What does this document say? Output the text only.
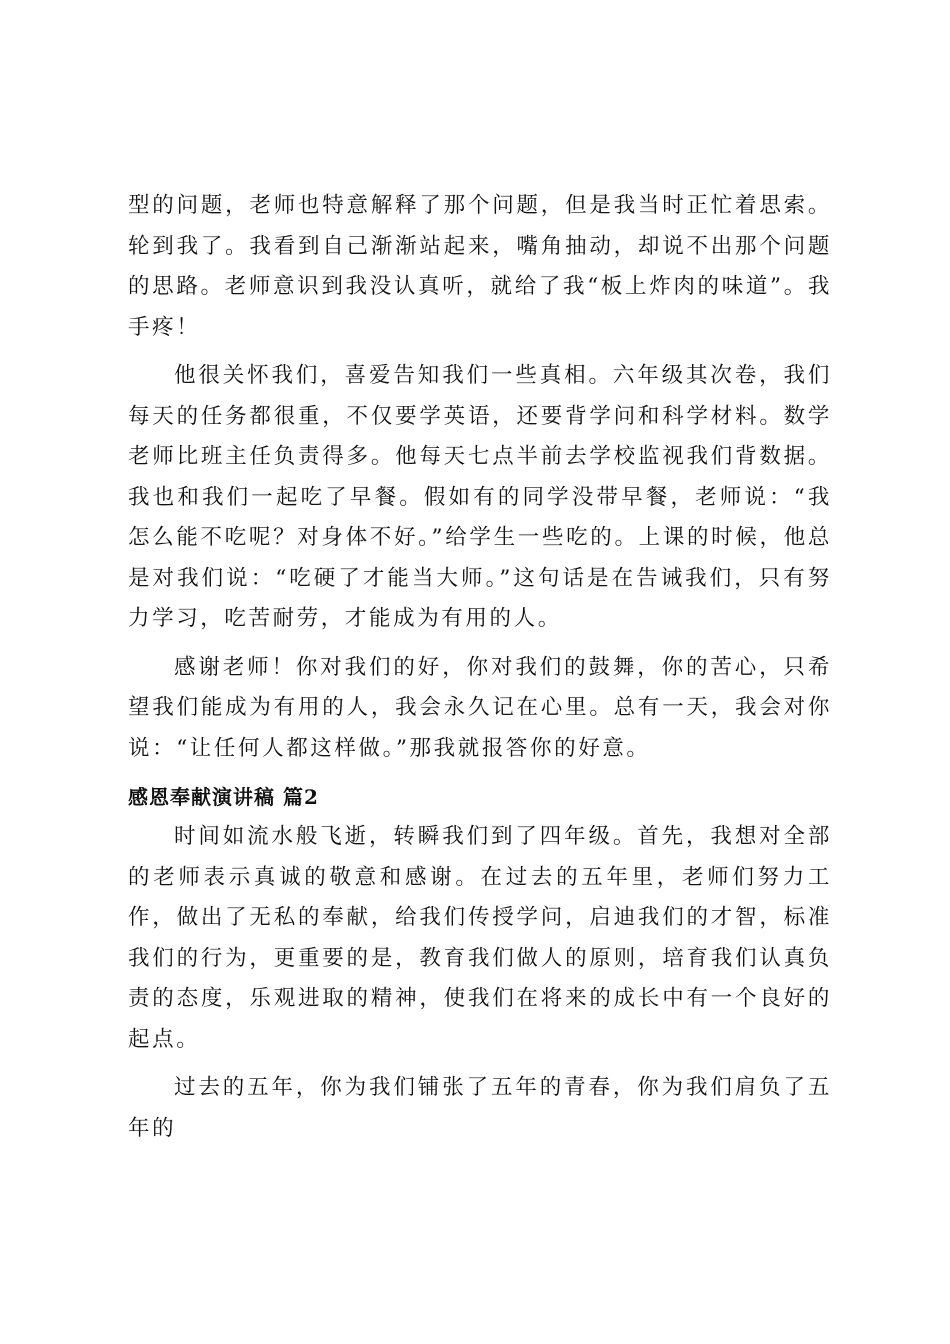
型的问题，老师也特意解释了那个问题，但是我当时正忙着思索。轮到我了。我看到自己渐渐站起来，嘴角抽动，却说不出那个问题的思路。老师意识到我没认真听，就给了我“板上炸肉的味道”。我手疼！

他很关怀我们，喜爱告知我们一些真相。六年级其次卷，我们每天的任务都很重，不仅要学英语，还要背学问和科学材料。数学老师比班主任负责得多。他每天七点半前去学校监视我们背数据。我也和我们一起吃了早餐。假如有的同学没带早餐，老师说：“我怎么能不吃呢？对身体不好。”给学生一些吃的。上课的时候，他总是对我们说：“吃硬了才能当大师。”这句话是在告诫我们，只有努力学习，吃苦耐劳，才能成为有用的人。

感谢老师！你对我们的好，你对我们的鼓舞，你的苦心，只希望我们能成为有用的人，我会永久记在心里。总有一天，我会对你说：“让任何人都这样做。”那我就报答你的好意。

感恩奉献演讲稿 篇2

时间如流水般飞逝，转瞬我们到了四年级。首先，我想对全部的老师表示真诚的敬意和感谢。在过去的五年里，老师们努力工作，做出了无私的奉献，给我们传授学问，启迪我们的才智，标准我们的行为，更重要的是，教育我们做人的原则，培育我们认真负责的态度，乐观进取的精神，使我们在将来的成长中有一个良好的起点。

过去的五年，你为我们铺张了五年的青春，你为我们肩负了五年的
